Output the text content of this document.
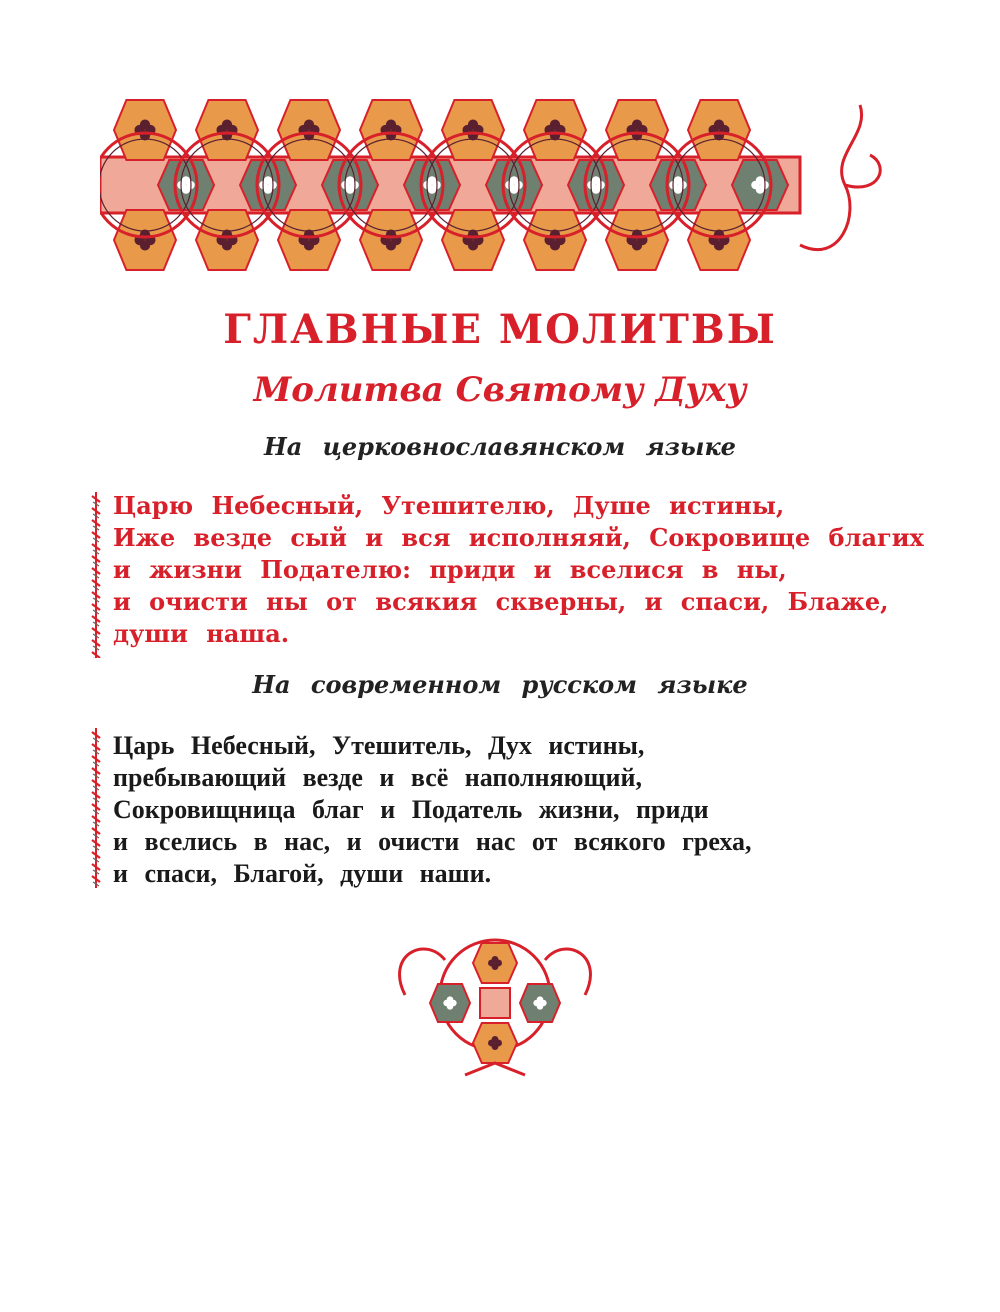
ГЛАВНЫЕ МОЛИТВЫ
Молитва Святому Духу
На церковнославянском языке
Царю Небесный, Утешителю, Душе истины,
Иже везде сый и вся исполняяй, Сокровище благих
и жизни Подателю: приди и вселися в ны,
и очисти ны от всякия скверны, и спаси, Блаже,
души наша.
На современном русском языке
Царь Небесный, Утешитель, Дух истины,
пребывающий везде и всё наполняющий,
Сокровищница благ и Податель жизни, приди
и вселись в нас, и очисти нас от всякого греха,
и спаси, Благой, души наши.
